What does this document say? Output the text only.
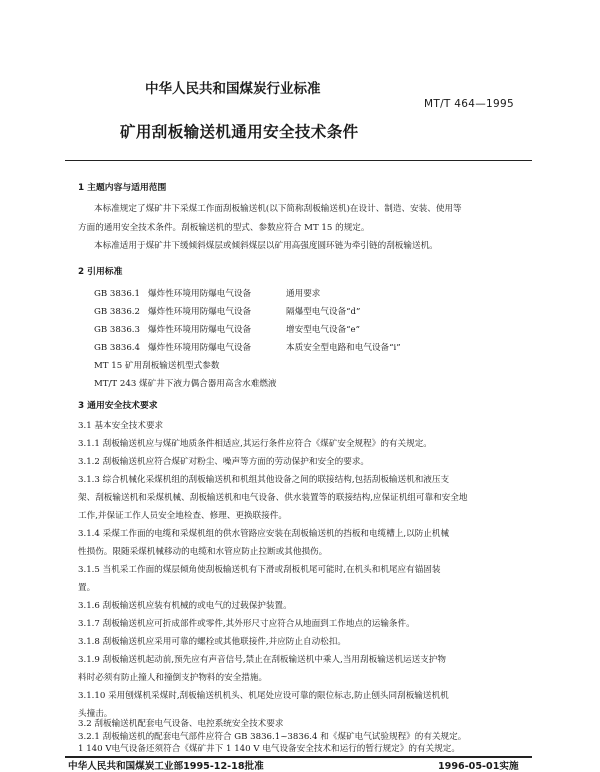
中华人民共和国煤炭行业标准
MT/T 464—1995
矿用刮板输送机通用安全技术条件
1 主题内容与适用范围
本标准规定了煤矿井下采煤工作面刮板输送机(以下简称刮板输送机)在设计、制造、安装、使用等
方面的通用安全技术条件。刮板输送机的型式、参数应符合 MT 15 的规定。
本标准适用于煤矿井下缓倾斜煤层或倾斜煤层以矿用高强度圆环链为牵引链的刮板输送机。
2 引用标准
GB 3836.1 爆炸性环境用防爆电气设备	通用要求
GB 3836.2 爆炸性环境用防爆电气设备	隔爆型电气设备“d”
GB 3836.3 爆炸性环境用防爆电气设备	增安型电气设备“e”
GB 3836.4 爆炸性环境用防爆电气设备	本质安全型电路和电气设备“i”
MT 15 矿用刮板输送机型式参数
MT/T 243 煤矿井下液力偶合器用高含水难燃液
3 通用安全技术要求
3.1 基本安全技术要求
3.1.1 刮板输送机应与煤矿地质条件相适应,其运行条件应符合《煤矿安全规程》的有关规定。
3.1.2 刮板输送机应符合煤矿对粉尘、噪声等方面的劳动保护和安全的要求。
3.1.3 综合机械化采煤机组的刮板输送机和机组其他设备之间的联接结构,包括刮板输送机和液压支
架、刮板输送机和采煤机械、刮板输送机和电气设备、供水装置等的联接结构,应保证机组可靠和安全地
工作,并保证工作人员安全地检查、修理、更换联接件。
3.1.4 采煤工作面的电缆和采煤机组的供水管路应安装在刮板输送机的挡板和电缆槽上,以防止机械
性损伤。限随采煤机械移动的电缆和水管应防止拉断或其他损伤。
3.1.5 当机采工作面的煤层倾角使刮板输送机有下滑或刮板机尾可能时,在机头和机尾应有锚固装
置。
3.1.6 刮板输送机应装有机械的或电气的过载保护装置。
3.1.7 刮板输送机应可折成部件或零件,其外形尺寸应符合从地面到工作地点的运输条件。
3.1.8 刮板输送机应采用可靠的螺栓或其他联接件,并应防止自动松扣。
3.1.9 刮板输送机起动前,预先应有声音信号,禁止在刮板输送机中乘人,当用刮板输送机运送支护物
料时必须有防止撞人和撞倒支护物料的安全措施。
3.1.10 采用刨煤机采煤时,刮板输送机机头、机尾处应设可靠的限位标志,防止刨头同刮板输送机机
头撞击。
3.2 刮板输送机配套电气设备、电控系统安全技术要求
3.2.1 刮板输送机的配套电气部件应符合 GB 3836.1~3836.4 和《煤矿电气试验规程》的有关规定。
1 140 V电气设备还须符合《煤矿井下 1 140 V 电气设备安全技术和运行的暂行规定》的有关规定。
中华人民共和国煤炭工业部1995-12-18批准	1996-05-01实施
